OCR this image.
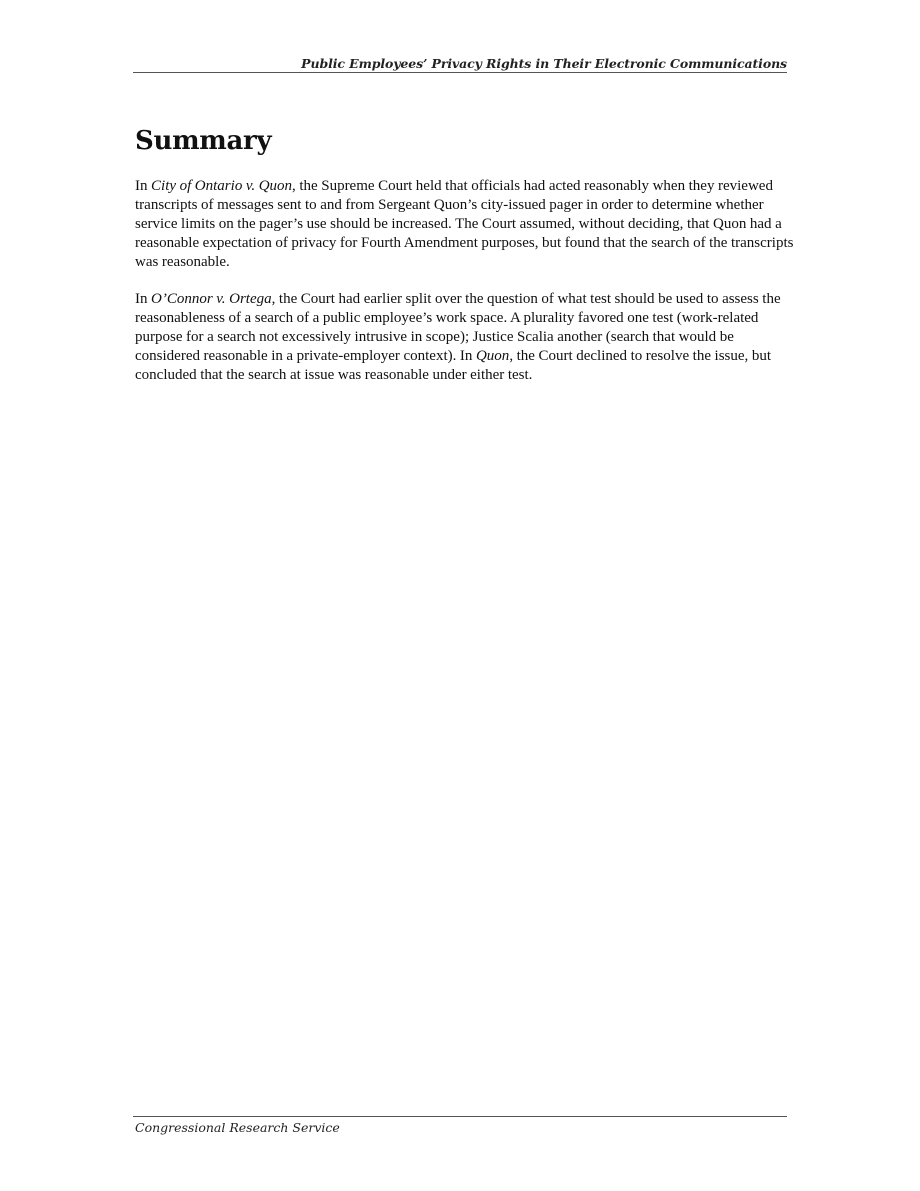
Public Employees’ Privacy Rights in Their Electronic Communications
Summary

In City of Ontario v. Quon, the Supreme Court held that officials had acted reasonably when they reviewed transcripts of messages sent to and from Sergeant Quon’s city-issued pager in order to determine whether service limits on the pager’s use should be increased. The Court assumed, without deciding, that Quon had a reasonable expectation of privacy for Fourth Amendment purposes, but found that the search of the transcripts was reasonable.

In O’Connor v. Ortega, the Court had earlier split over the question of what test should be used to assess the reasonableness of a search of a public employee’s work space. A plurality favored one test (work-related purpose for a search not excessively intrusive in scope); Justice Scalia another (search that would be considered reasonable in a private-employer context). In Quon, the Court declined to resolve the issue, but concluded that the search at issue was reasonable under either test.

Congressional Research Service
